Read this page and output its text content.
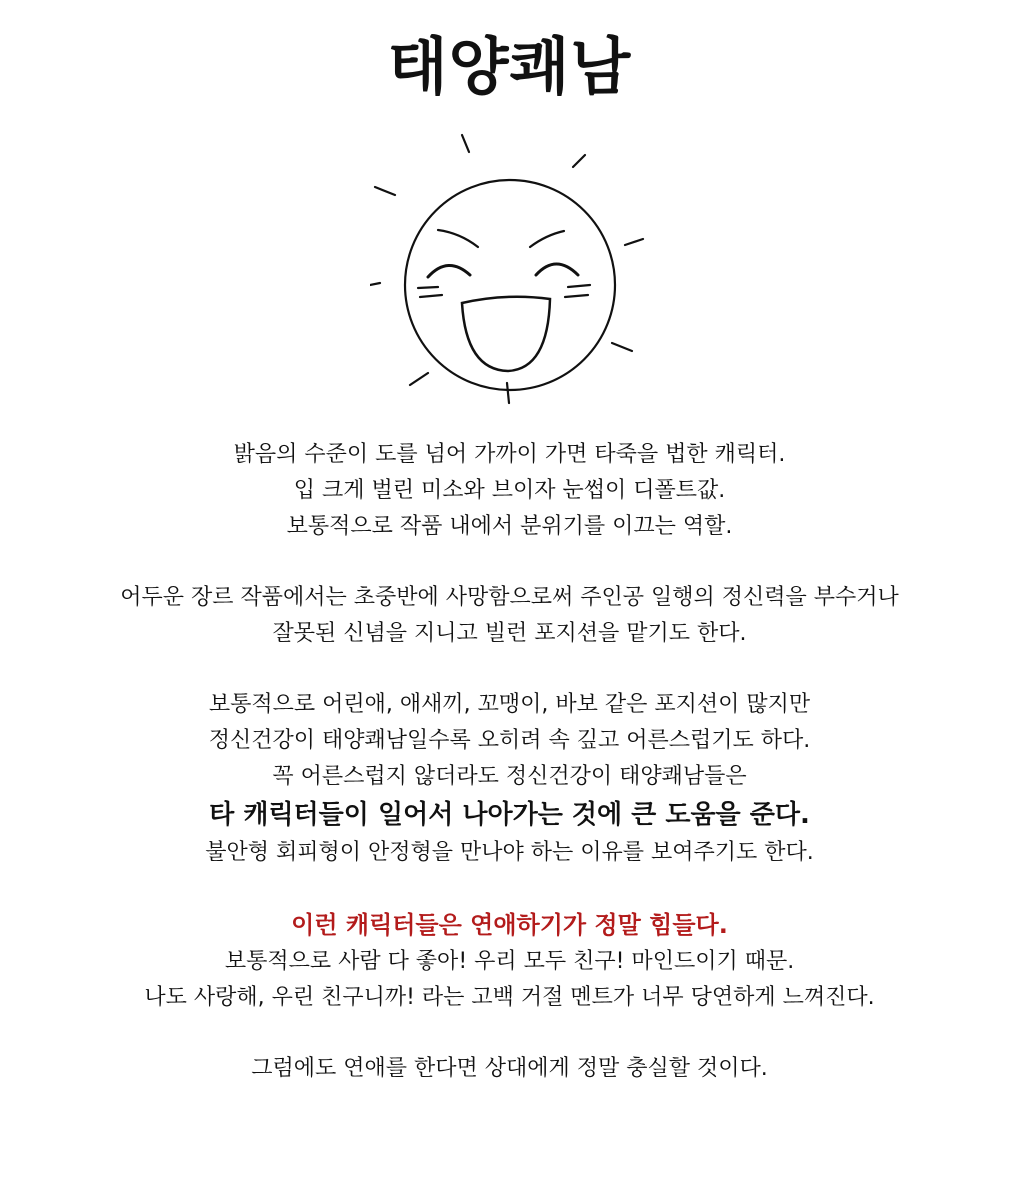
태양쾌남
밝음의 수준이 도를 넘어 가까이 가면 타죽을 법한 캐릭터.
입 크게 벌린 미소와 브이자 눈썹이 디폴트값.
보통적으로 작품 내에서 분위기를 이끄는 역할.
어두운 장르 작품에서는 초중반에 사망함으로써 주인공 일행의 정신력을 부수거나
잘못된 신념을 지니고 빌런 포지션을 맡기도 한다.
보통적으로 어린애, 애새끼, 꼬맹이, 바보 같은 포지션이 많지만
정신건강이 태양쾌남일수록 오히려 속 깊고 어른스럽기도 하다.
꼭 어른스럽지 않더라도 정신건강이 태양쾌남들은
타 캐릭터들이 일어서 나아가는 것에 큰 도움을 준다.
불안형 회피형이 안정형을 만나야 하는 이유를 보여주기도 한다.
이런 캐릭터들은 연애하기가 정말 힘들다.
보통적으로 사람 다 좋아! 우리 모두 친구! 마인드이기 때문.
나도 사랑해, 우린 친구니까! 라는 고백 거절 멘트가 너무 당연하게 느껴진다.
그럼에도 연애를 한다면 상대에게 정말 충실할 것이다.
